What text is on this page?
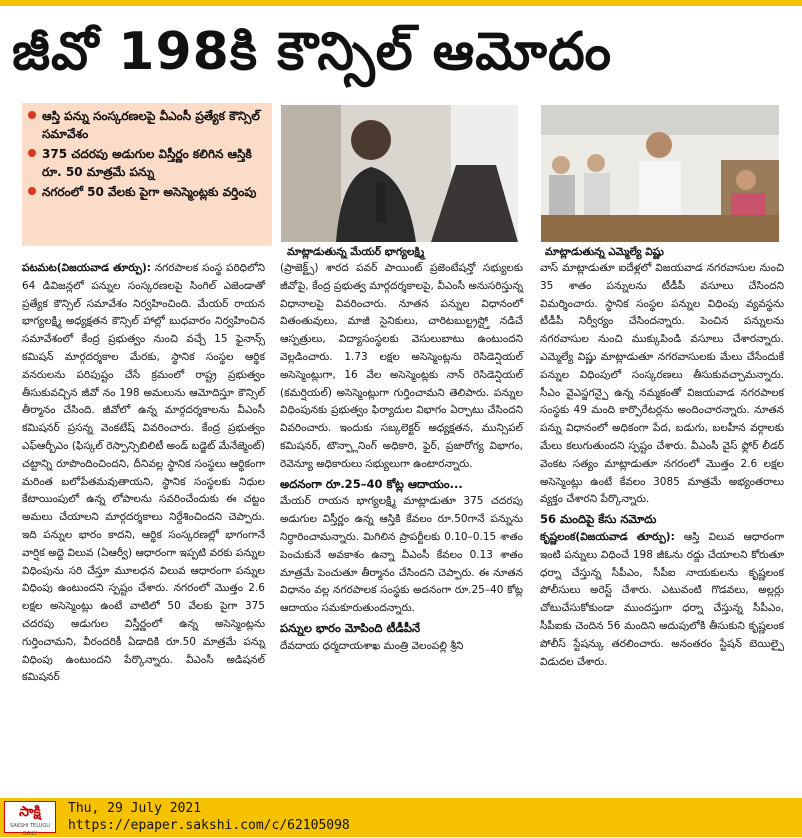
జీవో 198కి కౌన్సిల్ ఆమోదం
ఆస్తి పన్ను సంస్కరణలపై వీఎంసీ ప్రత్యేక కౌన్సిల్ సమావేశం
375 చదరపు అడుగుల విస్తీర్ణం కలిగిన ఆస్తికి రూ. 50 మాత్రమే పన్ను
నగరంలో 50 వేలకు పైగా అసెస్మెంట్లకు వర్తింపు
మాట్లాడుతున్న మేయర్ భాగ్యలక్ష్మి	మాట్లాడుతున్న ఎమ్మెల్యే విష్ణు

పటమట(విజయవాడ తూర్పు): నగరపాలక సంస్థ పరిధిలోని 64 డివిజన్లలో పన్నుల సంస్కరణలపై సింగిల్ ఎజెండాతో ప్రత్యేక కౌన్సిల్ సమావేశం నిర్వహించింది. మేయర్ రాయన భాగ్యలక్ష్మి అధ్యక్షతన కౌన్సిల్ హాల్లో బుధవారం నిర్వహించిన సమావేశంలో కేంద్ర ప్రభుత్వం నుంచి వచ్చే 15 ఫైనాన్స్ కమిషన్ మార్గదర్శకాల మేరకు, స్థానిక సంస్థల ఆర్థిక వనరులను పరిపుష్టం చేసే క్రమంలో రాష్ట్ర ప్రభుత్వం తీసుకువచ్చిన జీవో నం 198 అమలును ఆమోదిస్తూ కౌన్సిల్ తీర్మానం చేసింది. జీవోలో ఉన్న మార్గదర్శకాలను వీఎంసీ కమిషనర్ ప్రసన్న వెంకటేష్ వివరించారు. కేంద్ర ప్రభుత్వం ఎఫ్ఆర్బీఎం (ఫిస్కల్ రెస్పాన్సిబిలిటీ అండ్ బడ్జెట్ మేనేజ్మెంట్) చట్టాన్ని రూపొందించిందని, దీనివల్ల స్థానిక సంస్థలు ఆర్థికంగా మరింత బలోపేతమవుతాయని, స్థానిక సంస్థలకు నిధుల కేటాయింపులో ఉన్న లోపాలను సవరించేందుకు ఈ చట్టం అమలు చేయాలని మార్గదర్శకాలు నిర్దేశించిందని చెప్పారు. ఇది పన్నుల భారం కాదని, ఆర్థిక సంస్కరణల్లో భాగంగానే వార్షిక అద్దె విలువ (ఏఆర్వీ) ఆధారంగా ఇప్పటి వరకు పన్నుల విధింపును సరి చేస్తూ మూలధన విలువ ఆధారంగా పన్నుల విధింపు ఉంటుందని స్పష్టం చేశారు. నగరంలో మొత్తం 2.6 లక్షల అసెస్మెంట్లు ఉంటే వాటిలో 50 వేలకు పైగా 375 చదరపు అడుగుల విస్తీర్ణంలో ఉన్న అసెస్మెంట్లను గుర్తించామని, వీరందరికీ ఏడాదికి రూ.50 మాత్రమే పన్ను విధింపు ఉంటుందని పేర్కొన్నారు. వీఎంసీ అడిషనల్ కమిషనర్

(ప్రాజెక్ట్స్) శారద పవర్ పాయింట్ ప్రజెంటేషన్తో సభ్యులకు జీవోపై, కేంద్ర ప్రభుత్వ మార్గదర్శకాలపై, వీఎంసీ అనుసరిస్తున్న విధానాలపై వివరించారు. నూతన పన్నుల విధానంలో వితంతువులు, మాజీ సైనికులు, చారిటబుల్ట్రస్ట్తో నడిచే ఆస్పత్రులు, విద్యాసంస్థలకు వెసులుబాటు ఉంటుందని వెల్లడించారు. 1.73 లక్షల అసెస్మెంట్లను రెసిడెన్షియల్ అసెస్మెంట్లుగా, 16 వేల అసెస్మెంట్లకు నాన్ రెసిడెన్షియల్ (కమర్షియల్) అసెస్మెంట్లుగా గుర్తించామని తెలిపారు. పన్నుల విధింపునకు ప్రభుత్వం ఫిర్యాదుల విభాగం ఏర్పాటు చేసిందని వివరించారు. ఇందుకు సబ్కలెక్టర్ అధ్యక్షతన, మున్సిపల్ కమిషనర్, టౌన్ప్లానింగ్ అధికారి, ఫైర్, ప్రజారోగ్య విభాగం, రెవెన్యూ అధికారులు సభ్యులుగా ఉంటారన్నారు.

అదనంగా రూ.25–40 కోట్ల ఆదాయం...

మేయర్ రాయన భాగ్యలక్ష్మి మాట్లాడుతూ 375 చదరపు అడుగుల విస్తీర్ణం ఉన్న ఆస్తికి కేవలం రూ.50గానే పన్నును నిర్ధారించామన్నారు. మిగిలిన ప్రాపర్టీలకు 0.10–0.15 శాతం పెంచుకునే అవకాశం ఉన్నా వీఎంసీ కేవలం 0.13 శాతం మాత్రమే పెంచుతూ తీర్మానం చేసిందని చెప్పారు. ఈ నూతన విధానం వల్ల నగరపాలక సంస్థకు అదనంగా రూ.25–40 కోట్ల ఆదాయం సమకూరుతుందన్నారు.

పన్నుల భారం మోపింది టీడీపీనే

దేవదాయ ధర్మదాయశాఖ మంత్రి వెలంపల్లి శ్రీని

వాస్ మాట్లాడుతూ ఐదేళ్లలో విజయవాడ నగరవాసుల నుంచి 35 శాతం పన్నులను టీడీపీ వసూలు చేసిందని విమర్శించారు. స్థానిక సంస్థల పన్నుల విధింపు వ్యవస్థను టీడీపీ నిర్వీర్యం చేసిందన్నారు. పెంచిన పన్నులను నగరవాసుల నుంచి ముక్కుపిండి వసూలు చేశారన్నారు. ఎమ్మెల్యే విష్ణు మాట్లాడుతూ నగరవాసులకు మేలు చేసేందుకే పన్నుల విధింపులో సంస్కరణలు తీసుకువచ్చామన్నారు. సీఎం వైఎస్జగన్పై ఉన్న నమ్మకంతో విజయవాడ నగరపాలక సంస్థకు 49 మంది కార్పొరేటర్లను అందించారన్నారు. నూతన పన్ను విధానంలో అధికంగా పేద, బడుగు, బలహీన వర్గాలకు మేలు కలుగుతుందని స్పష్టం చేశారు. వీఎంసీ వైస్ ఫ్లోర్ లీడర్ వెంకట సత్యం మాట్లాడుతూ నగరంలో మొత్తం 2.6 లక్షల అసెస్మెంట్లు ఉంటే కేవలం 3085 మాత్రమే అభ్యంతరాలు వ్యక్తం చేశారని పేర్కొన్నారు.

56 మందిపై కేసు నమోదు

కృష్ణలంక(విజయవాడ తూర్పు): ఆస్తి విలువ ఆధారంగా ఇంటి పన్నులు విధించే 198 జీఓను రద్దు చేయాలని కోరుతూ ధర్నా చేస్తున్న సీపీఎం, సీపీఐ నాయకులను కృష్ణలంక పోలీసులు అరెస్ట్ చేశారు. ఎటువంటి గొడవలు, అల్లర్లు చోటుచేసుకోకుండా ముందస్తుగా ధర్నా చేస్తున్న సీపీఎం, సీపీఐకు చెందిన 56 మందిని అదుపులోకి తీసుకుని కృష్ణలంక పోలీస్ స్టేషన్కు తరలించారు. అనంతరం స్టేషన్ బెయిల్పై విడుదల చేశారు.

సాక్షి
SAKSHI TELUGU DAILY
Thu, 29 July 2021
https://epaper.sakshi.com/c/62105098
